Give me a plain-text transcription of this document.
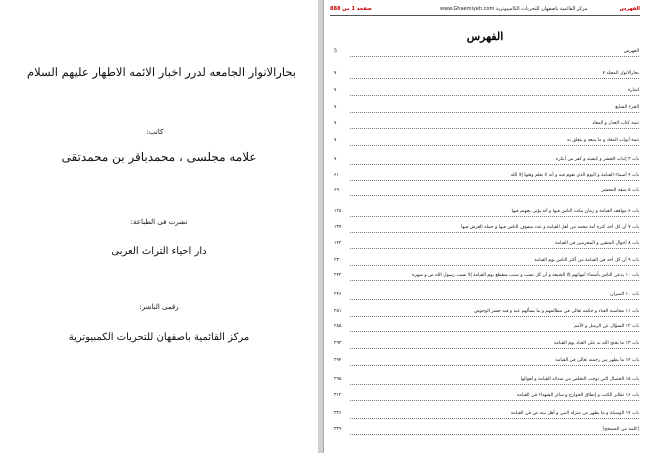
بحارالانوار الجامعه لدرر اخبار الائمه الاطهار عليهم السلام
كاتب:
علامه مجلسى ، محمدباقر بن محمدتقى
نشرت فى الطباعة:
دار احياء التراث العربى
رقمى الناشر:
مركز القائمية باصفهان للتحريات الكمبيوترية
صفحة 1 من 888	www.Ghaemiyeh.com مركز القائمية باصفهان للتحريات الكامپيوترية	الفهرس
الفهرس
الفهرس
5
بحارالانوار المجلد ۷
۷
اشارة
۷
الجزء السابع
۷
تتمة كتاب العدل و المعاد
۷
تتمة أبواب المعاد و ما يتبعه و يتعلق به
۷
باب ۳ إثبات الحشر و كيفيته و كفر من أنكره
۷
باب ۴ أسماء القيامة و اليوم الذي تقوم فيه و أنه لا يعلم وقتها إلا الله
۶۱
باب ۵ صفة المحشر
۶۹
باب ۶ مواقف القيامة و زمان مكث الناس فيها و أنه يؤتى بجهنم فيها
۱۲۸
باب ۷ أن كل أحد كثرة أمة محمد من أهل القيامة و عدد صفوف الناس فيها و حملة العرش فيها
۱۳۷
باب ۸ أحوال المتقين و المجرمين في القيامة
۱۴۲
باب ۹ أن كل أحد في القيامة من أكثر الناس يوم القيامة
۲۳۰
باب ۱۰ يدعى الناس بأسماء أمهاتهم إلا الشيعة و أن كل نسب و سبب منقطع يوم القيامة إلا نسب رسول الله ص و صهره
۲۴۲
باب ۱۰ الميزان
۲۴۶
باب ۱۱ محاسبة العباد و حكمه تعالى في مظالمهم و ما يسألهم عنه و فيه حشر الوحوش
۲۵۱
باب ۱۲ السؤال عن الرسل و الأمم
۲۸۵
باب ۱۳ ما يحتج الله به على العباد يوم القيامة
۲۹۳
باب ۱۴ ما يظهر من رحمته تعالى في القيامة
۲۹۴
باب ۱۵ الخصال التي توجب التخلص من شدائد القيامة و أهوالها
۲۹۵
باب ۱۶ تطاير الكتب و إنطاق الجوارح و سائر الشهداء في القيامة
۳۱۲
باب ۱۷ الوسيلة و ما يظهر من منزلة النبي و أهل بيته ص في القيامة
۳۲۶
[كلمة من المصحح]
۳۳۹
